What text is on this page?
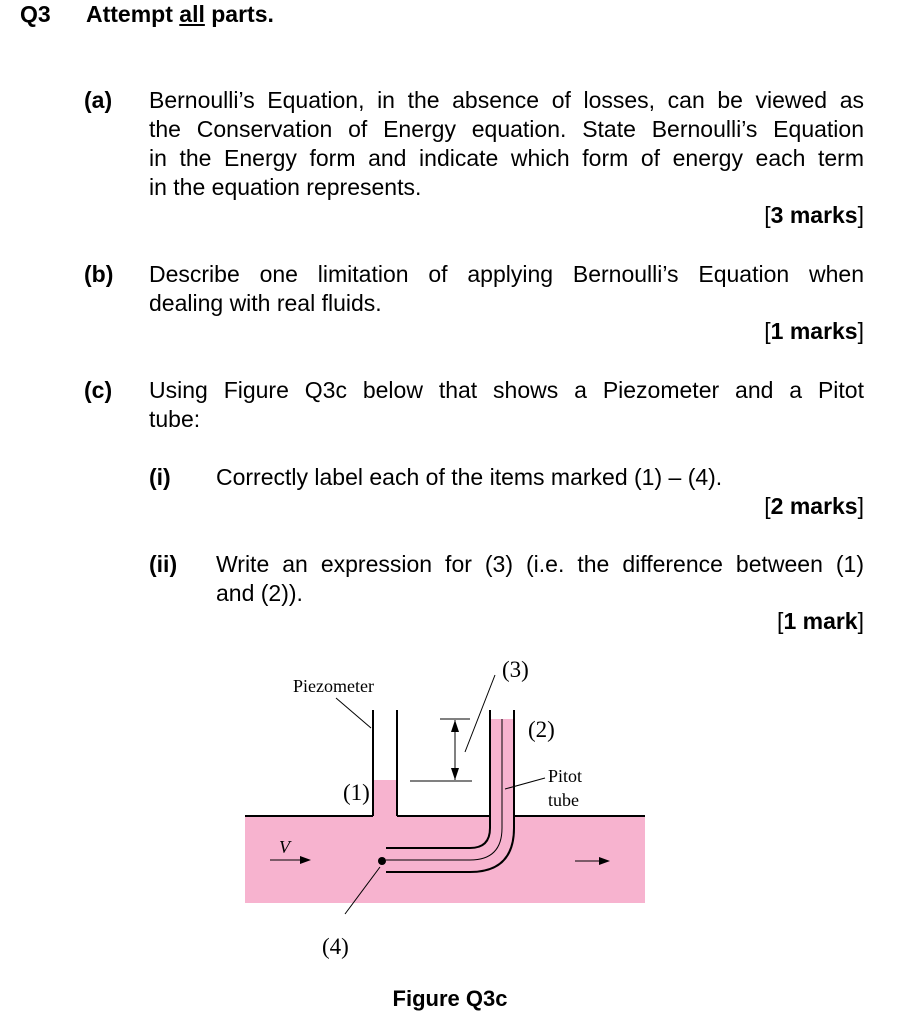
Q3 Attempt all parts.
(a) Bernoulli’s Equation, in the absence of losses, can be viewed as
the Conservation of Energy equation. State Bernoulli’s Equation
in the Energy form and indicate which form of energy each term
in the equation represents.
[3 marks]
(b) Describe one limitation of applying Bernoulli’s Equation when
dealing with real fluids.
[1 marks]
(c) Using Figure Q3c below that shows a Piezometer and a Pitot
tube:
(i) Correctly label each of the items marked (1) – (4).
[2 marks]
(ii) Write an expression for (3) (i.e. the difference between (1)
and (2)).
[1 mark]
Piezometer
(1)
(2)
(3)
(4)
Pitot
tube
V
Figure Q3c
